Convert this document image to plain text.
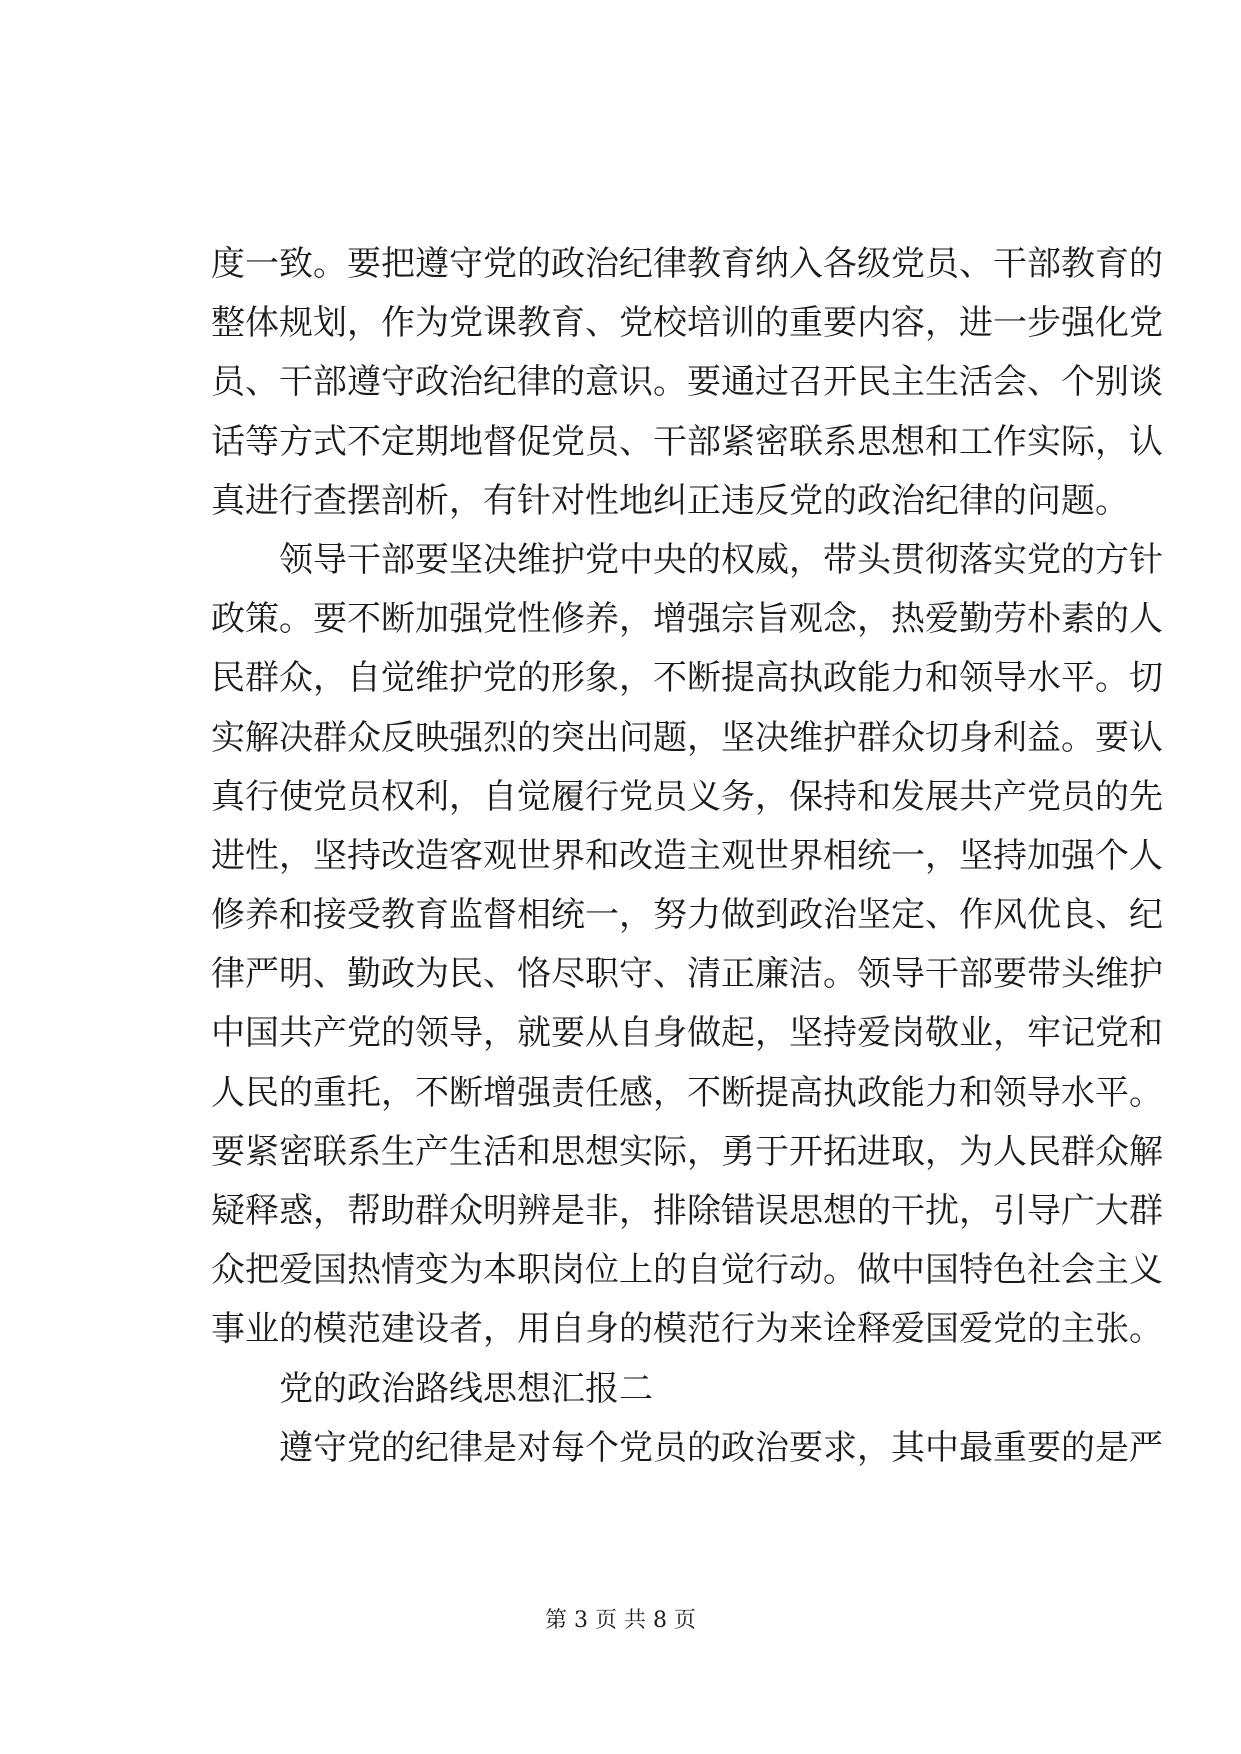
度一致。要把遵守党的政治纪律教育纳入各级党员、干部教育的
整体规划，作为党课教育、党校培训的重要内容，进一步强化党
员、干部遵守政治纪律的意识。要通过召开民主生活会、个别谈
话等方式不定期地督促党员、干部紧密联系思想和工作实际，认
真进行查摆剖析，有针对性地纠正违反党的政治纪律的问题。
领导干部要坚决维护党中央的权威，带头贯彻落实党的方针
政策。要不断加强党性修养，增强宗旨观念，热爱勤劳朴素的人
民群众，自觉维护党的形象，不断提高执政能力和领导水平。切
实解决群众反映强烈的突出问题，坚决维护群众切身利益。要认
真行使党员权利，自觉履行党员义务，保持和发展共产党员的先
进性，坚持改造客观世界和改造主观世界相统一，坚持加强个人
修养和接受教育监督相统一，努力做到政治坚定、作风优良、纪
律严明、勤政为民、恪尽职守、清正廉洁。领导干部要带头维护
中国共产党的领导，就要从自身做起，坚持爱岗敬业，牢记党和
人民的重托，不断增强责任感，不断提高执政能力和领导水平。
要紧密联系生产生活和思想实际，勇于开拓进取，为人民群众解
疑释惑，帮助群众明辨是非，排除错误思想的干扰，引导广大群
众把爱国热情变为本职岗位上的自觉行动。做中国特色社会主义
事业的模范建设者，用自身的模范行为来诠释爱国爱党的主张。
党的政治路线思想汇报二
遵守党的纪律是对每个党员的政治要求，其中最重要的是严
第 3 页 共 8 页
